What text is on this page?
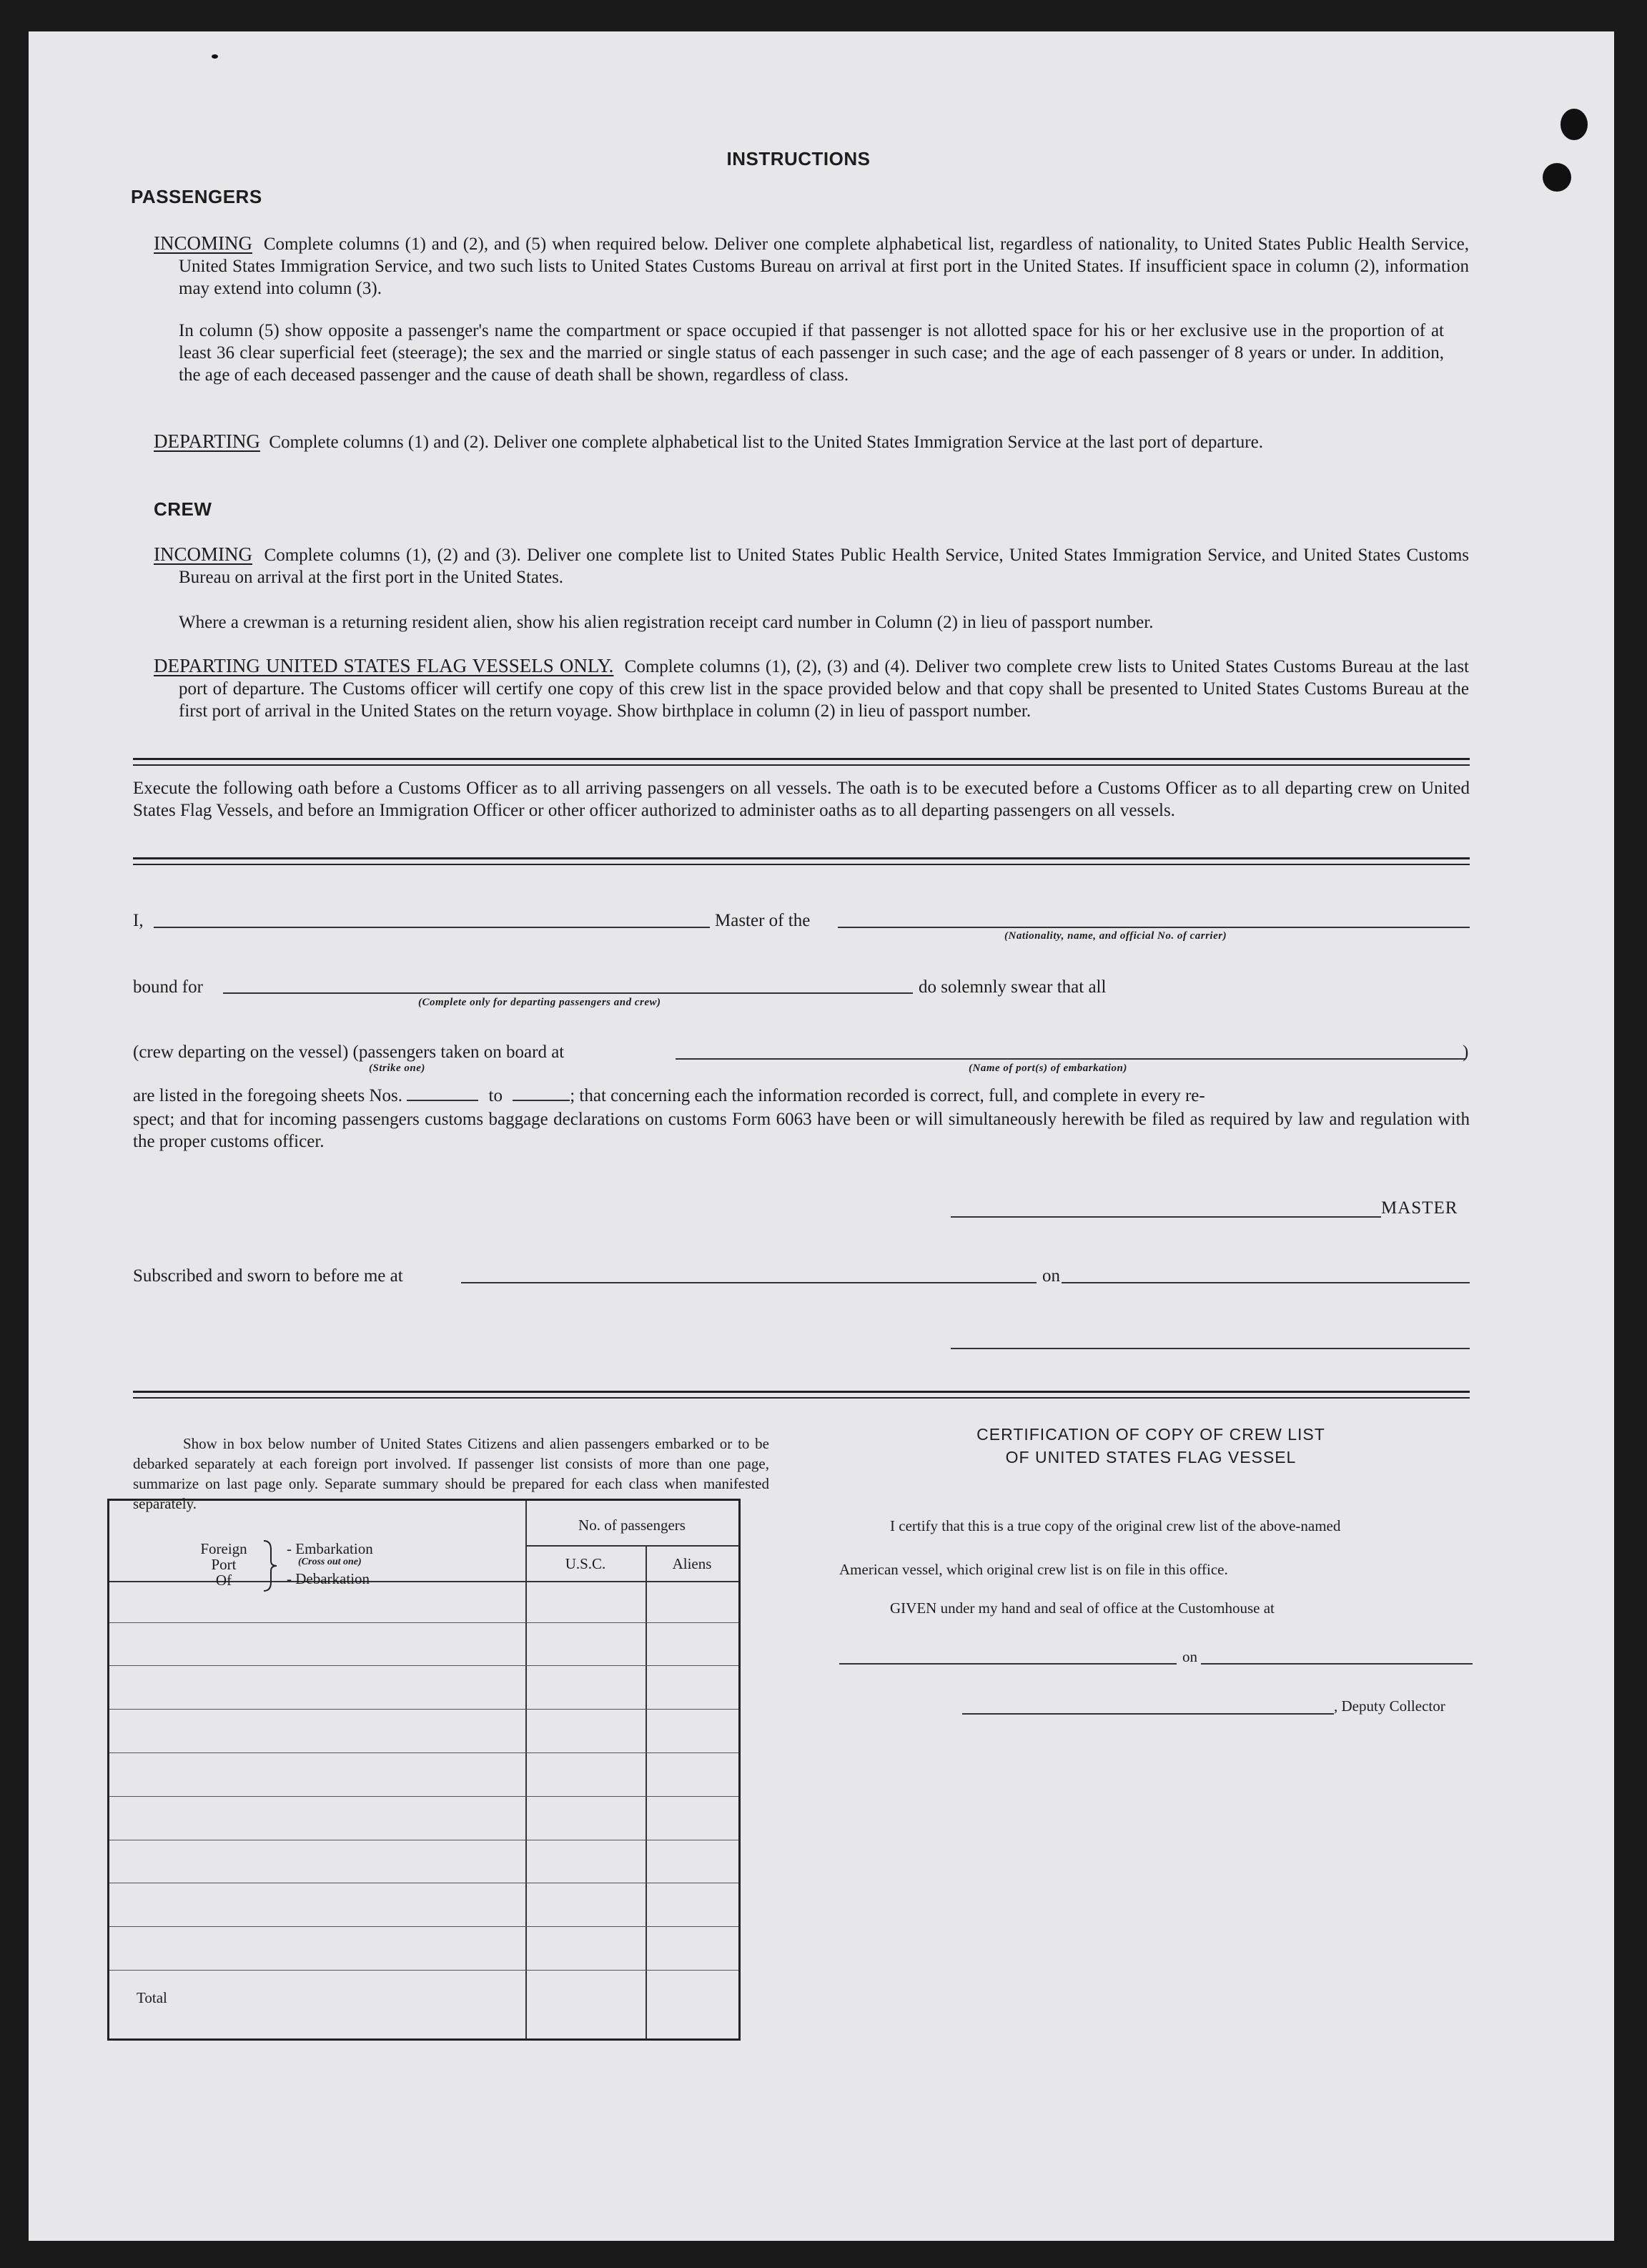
INSTRUCTIONS
PASSENGERS
INCOMING Complete columns (1) and (2), and (5) when required below. Deliver one complete alphabetical list, regardless of nationality, to United States Public Health Service, United States Immigration Service, and two such lists to United States Customs Bureau on arrival at first port in the United States. If insufficient space in column (2), information may extend into column (3).
In column (5) show opposite a passenger's name the compartment or space occupied if that passenger is not allotted space for his or her exclusive use in the proportion of at least 36 clear superficial feet (steerage); the sex and the married or single status of each passenger in such case; and the age of each passenger of 8 years or under. In addition, the age of each deceased passenger and the cause of death shall be shown, regardless of class.
DEPARTING Complete columns (1) and (2). Deliver one complete alphabetical list to the United States Immigration Service at the last port of departure.
CREW
INCOMING Complete columns (1), (2) and (3). Deliver one complete list to United States Public Health Service, United States Immigration Service, and United States Customs Bureau on arrival at the first port in the United States.
Where a crewman is a returning resident alien, show his alien registration receipt card number in Column (2) in lieu of passport number.
DEPARTING UNITED STATES FLAG VESSELS ONLY. Complete columns (1), (2), (3) and (4). Deliver two complete crew lists to United States Customs Bureau at the last port of departure. The Customs officer will certify one copy of this crew list in the space provided below and that copy shall be presented to United States Customs Bureau at the first port of arrival in the United States on the return voyage. Show birthplace in column (2) in lieu of passport number.
Execute the following oath before a Customs Officer as to all arriving passengers on all vessels. The oath is to be executed before a Customs Officer as to all departing crew on United States Flag Vessels, and before an Immigration Officer or other officer authorized to administer oaths as to all departing passengers on all vessels.
I,	Master of the
(Nationality, name, and official No. of carrier)
bound for
(Complete only for departing passengers and crew)
do solemnly swear that all
(crew departing on the vessel) (passengers taken on board at	)
(Strike one)	(Name of port(s) of embarkation)
are listed in the foregoing sheets Nos.	to	; that concerning each the information recorded is correct, full, and complete in every re-
spect; and that for incoming passengers customs baggage declarations on customs Form 6063 have been or will simultaneously herewith be filed as required by law and regulation with the proper customs officer.
MASTER
Subscribed and sworn to before me at	on
Show in box below number of United States Citizens and alien passengers embarked or to be debarked separately at each foreign port involved. If passenger list consists of more than one page, summarize on last page only. Separate summary should be prepared for each class when manifested separately.
Foreign
Port
Of
- Embarkation
(Cross out one)
- Debarkation
No. of passengers
U.S.C.	Aliens
Total
CERTIFICATION OF COPY OF CREW LIST
OF UNITED STATES FLAG VESSEL
I certify that this is a true copy of the original crew list of the above-named
American vessel, which original crew list is on file in this office.
GIVEN under my hand and seal of office at the Customhouse at
on
, Deputy Collector
